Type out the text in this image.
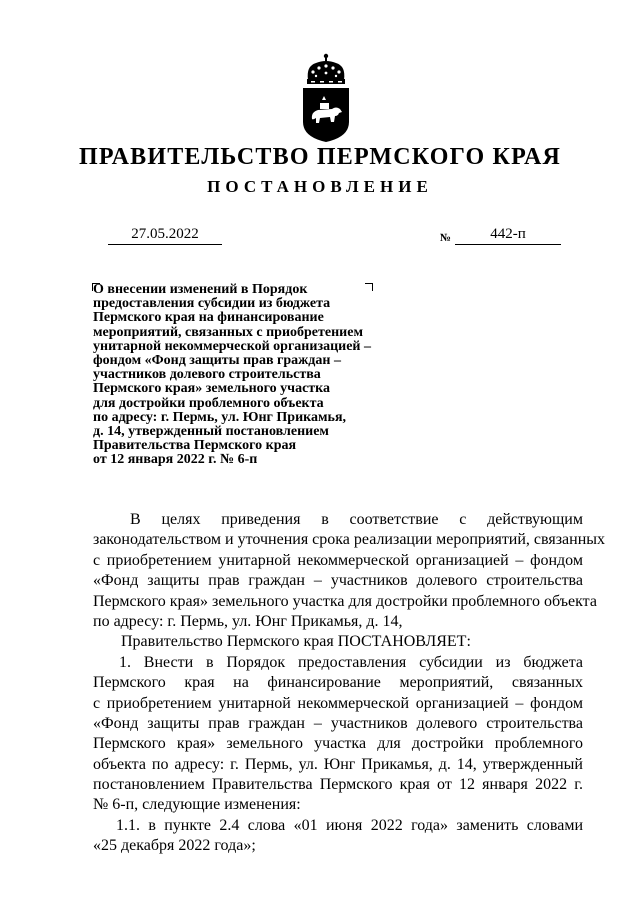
ПРАВИТЕЛЬСТВО ПЕРМСКОГО КРАЯ
ПОСТАНОВЛЕНИЕ
27.05.2022	№	442-п
О внесении изменений в Порядок
предоставления субсидии из бюджета
Пермского края на финансирование
мероприятий, связанных с приобретением
унитарной некоммерческой организацией –
фондом «Фонд защиты прав граждан –
участников долевого строительства
Пермского края» земельного участка
для достройки проблемного объекта
по адресу: г. Пермь, ул. Юнг Прикамья,
д. 14, утвержденный постановлением
Правительства Пермского края
от 12 января 2022 г. № 6-п
В целях приведения в соответствие с действующим
законодательством и уточнения срока реализации мероприятий, связанных
с приобретением унитарной некоммерческой организацией – фондом
«Фонд защиты прав граждан – участников долевого строительства
Пермского края» земельного участка для достройки проблемного объекта
по адресу: г. Пермь, ул. Юнг Прикамья, д. 14,
Правительство Пермского края ПОСТАНОВЛЯЕТ:
1. Внести в Порядок предоставления субсидии из бюджета
Пермского края на финансирование мероприятий, связанных
с приобретением унитарной некоммерческой организацией – фондом
«Фонд защиты прав граждан – участников долевого строительства
Пермского края» земельного участка для достройки проблемного
объекта по адресу: г. Пермь, ул. Юнг Прикамья, д. 14, утвержденный
постановлением Правительства Пермского края от 12 января 2022 г.
№ 6-п, следующие изменения:
1.1. в пункте 2.4 слова «01 июня 2022 года» заменить словами
«25 декабря 2022 года»;
